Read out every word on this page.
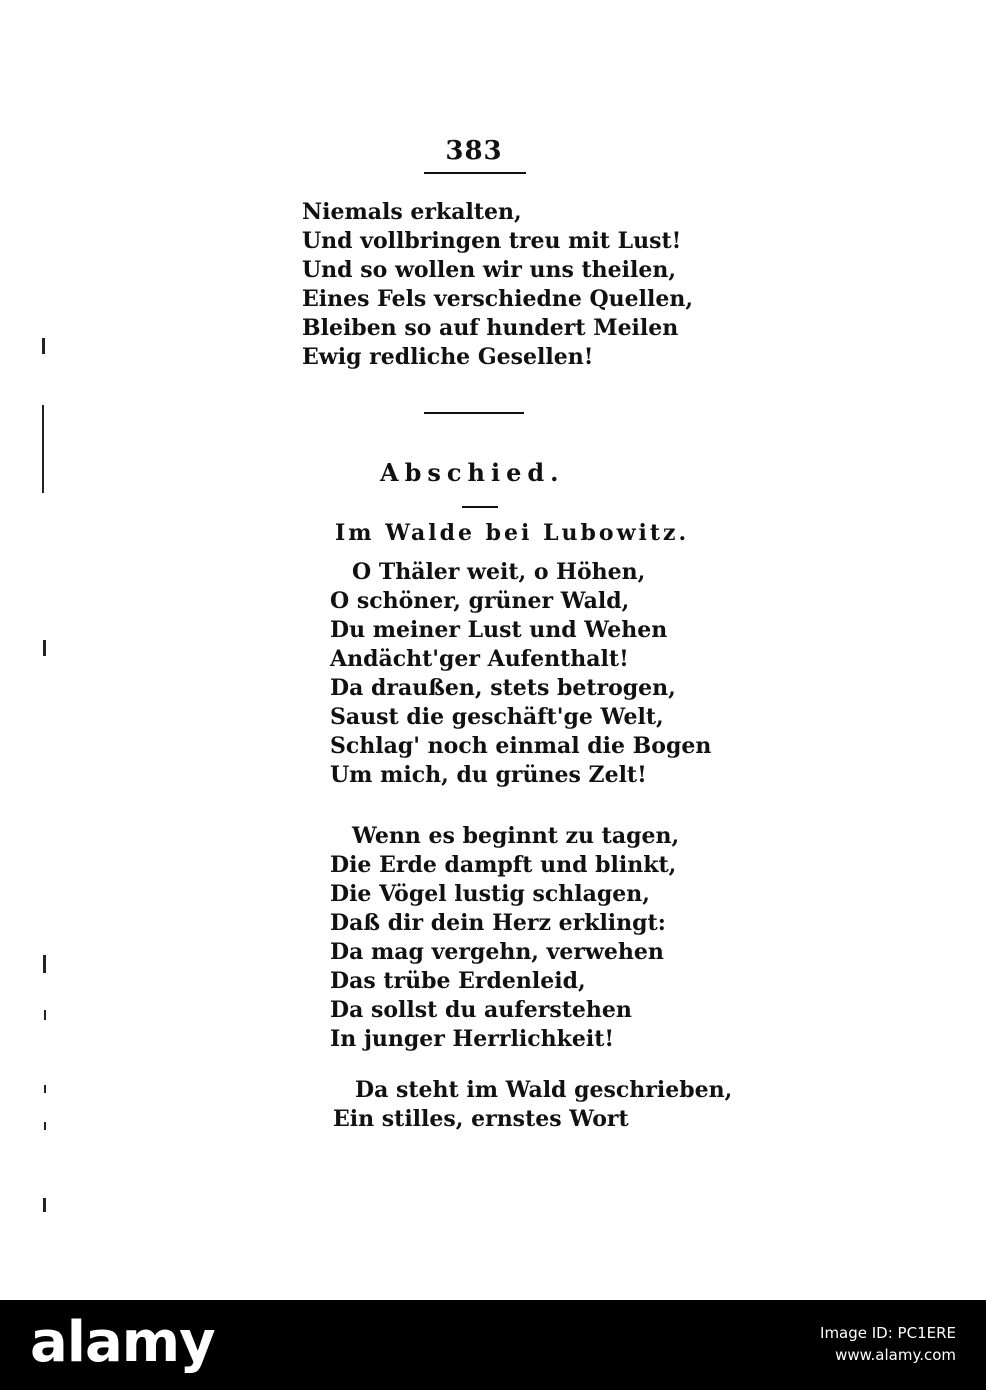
383
Niemals erkalten,
Und vollbringen treu mit Lust!
Und so wollen wir uns theilen,
Eines Fels verschiedne Quellen,
Bleiben so auf hundert Meilen
Ewig redliche Gesellen!
Abschied.
Im Walde bei Lubowitz.
O Thäler weit, o Höhen,
O schöner, grüner Wald,
Du meiner Lust und Wehen
Andächt'ger Aufenthalt!
Da draußen, stets betrogen,
Saust die geschäft'ge Welt,
Schlag' noch einmal die Bogen
Um mich, du grünes Zelt!
Wenn es beginnt zu tagen,
Die Erde dampft und blinkt,
Die Vögel lustig schlagen,
Daß dir dein Herz erklingt:
Da mag vergehn, verwehen
Das trübe Erdenleid,
Da sollst du auferstehen
In junger Herrlichkeit!
Da steht im Wald geschrieben,
Ein stilles, ernstes Wort
alamy	Image ID: PC1ERE
www.alamy.com
